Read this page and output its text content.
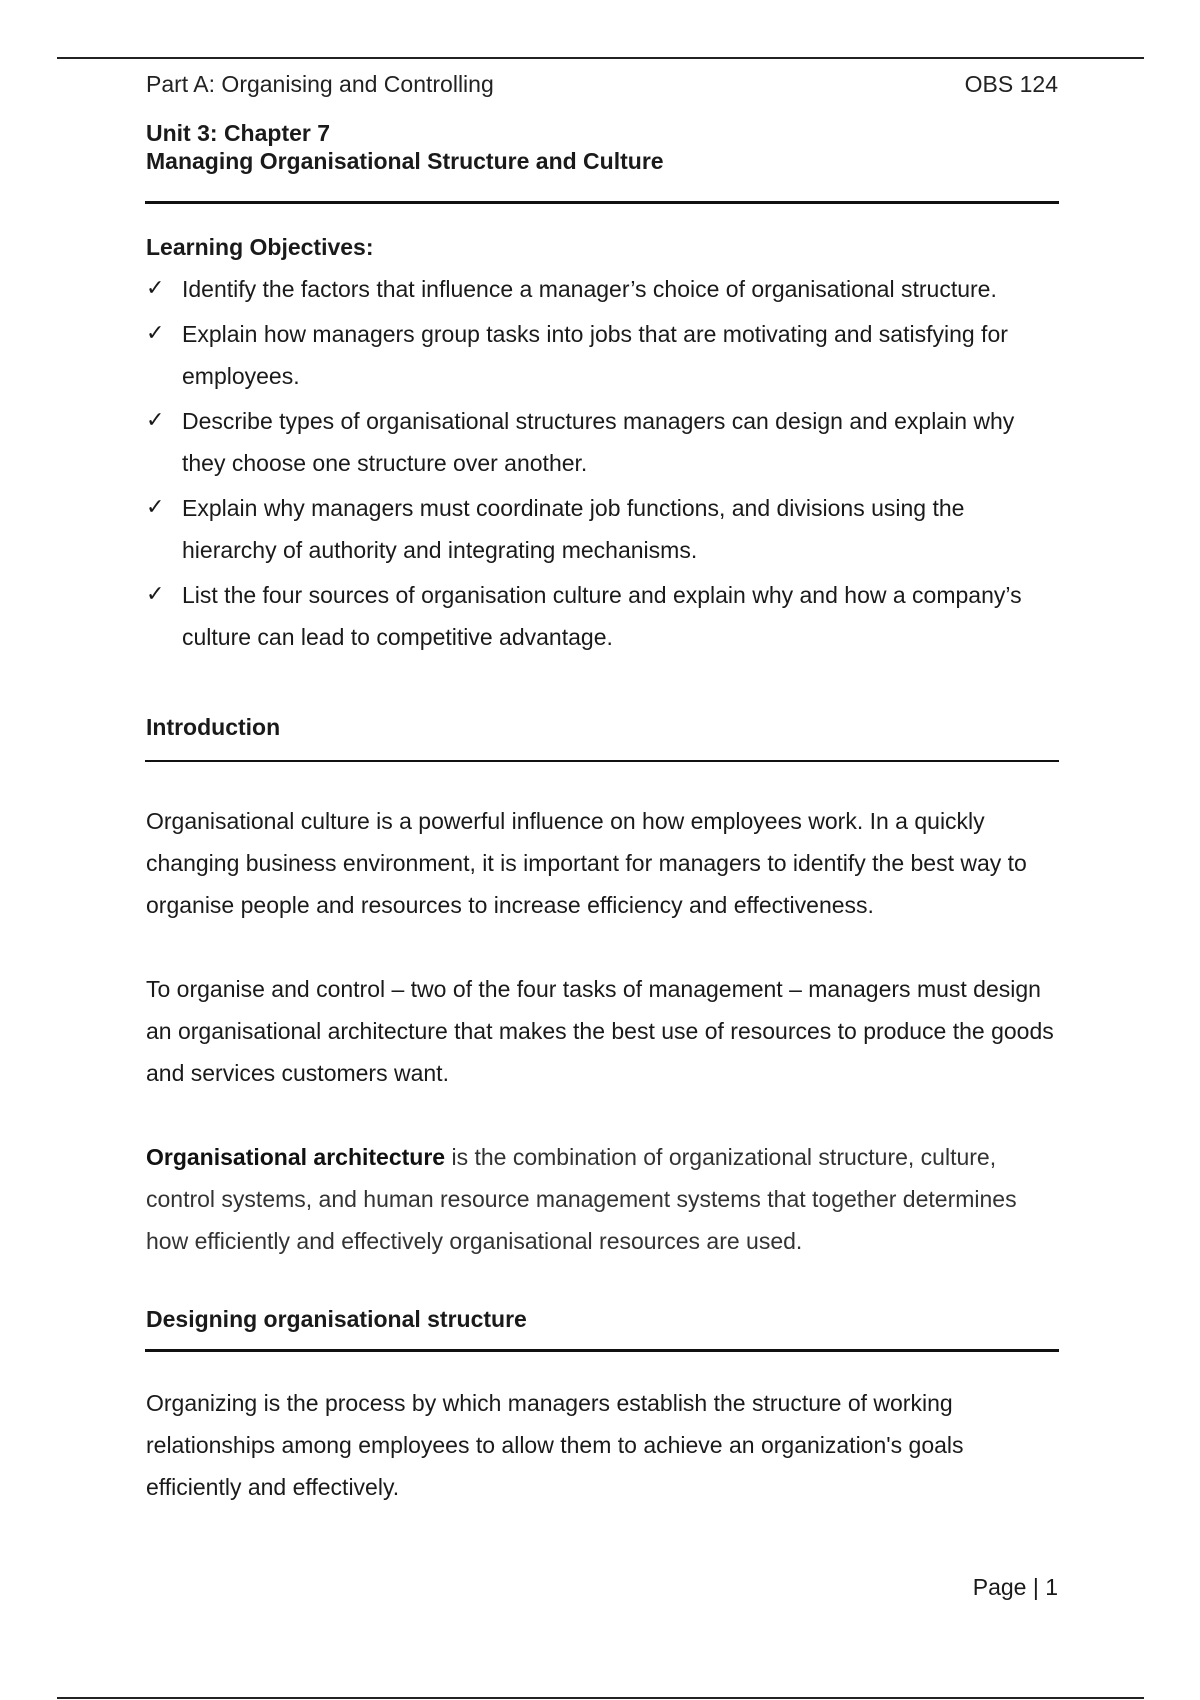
Part A: Organising and Controlling	OBS 124
Unit 3: Chapter 7
Managing Organisational Structure and Culture
Learning Objectives:
✓ Identify the factors that influence a manager’s choice of organisational structure.
✓ Explain how managers group tasks into jobs that are motivating and satisfying for employees.
✓ Describe types of organisational structures managers can design and explain why they choose one structure over another.
✓ Explain why managers must coordinate job functions, and divisions using the hierarchy of authority and integrating mechanisms.
✓ List the four sources of organisation culture and explain why and how a company’s culture can lead to competitive advantage.
Introduction

Organisational culture is a powerful influence on how employees work. In a quickly changing business environment, it is important for managers to identify the best way to organise people and resources to increase efficiency and effectiveness.

To organise and control – two of the four tasks of management – managers must design an organisational architecture that makes the best use of resources to produce the goods and services customers want.

Organisational architecture is the combination of organizational structure, culture, control systems, and human resource management systems that together determines how efficiently and effectively organisational resources are used.

Designing organisational structure

Organizing is the process by which managers establish the structure of working relationships among employees to allow them to achieve an organization's goals efficiently and effectively.

Page | 1
